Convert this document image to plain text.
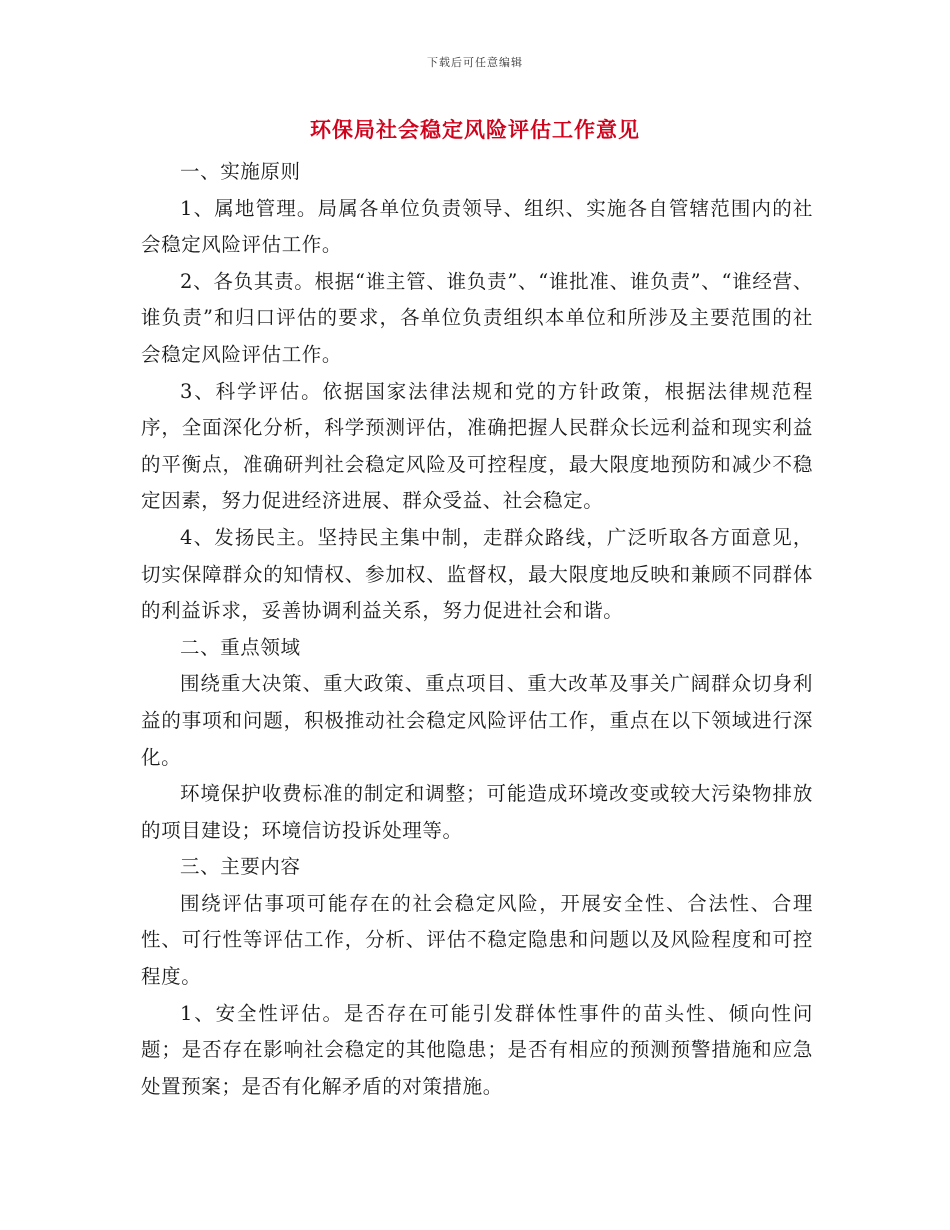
下载后可任意编辑
环保局社会稳定风险评估工作意见

一、实施原则

1、属地管理。局属各单位负责领导、组织、实施各自管辖范围内的社会稳定风险评估工作。

2、各负其责。根据“谁主管、谁负责”、“谁批准、谁负责”、“谁经营、谁负责”和归口评估的要求，各单位负责组织本单位和所涉及主要范围的社会稳定风险评估工作。

3、科学评估。依据国家法律法规和党的方针政策，根据法律规范程序，全面深化分析，科学预测评估，准确把握人民群众长远利益和现实利益的平衡点，准确研判社会稳定风险及可控程度，最大限度地预防和减少不稳定因素，努力促进经济进展、群众受益、社会稳定。

4、发扬民主。坚持民主集中制，走群众路线，广泛听取各方面意见，切实保障群众的知情权、参加权、监督权，最大限度地反映和兼顾不同群体的利益诉求，妥善协调利益关系，努力促进社会和谐。

二、重点领域

围绕重大决策、重大政策、重点项目、重大改革及事关广阔群众切身利益的事项和问题，积极推动社会稳定风险评估工作，重点在以下领域进行深化。

环境保护收费标准的制定和调整；可能造成环境改变或较大污染物排放的项目建设；环境信访投诉处理等。

三、主要内容

围绕评估事项可能存在的社会稳定风险，开展安全性、合法性、合理性、可行性等评估工作，分析、评估不稳定隐患和问题以及风险程度和可控程度。

1、安全性评估。是否存在可能引发群体性事件的苗头性、倾向性问题；是否存在影响社会稳定的其他隐患；是否有相应的预测预警措施和应急处置预案；是否有化解矛盾的对策措施。
